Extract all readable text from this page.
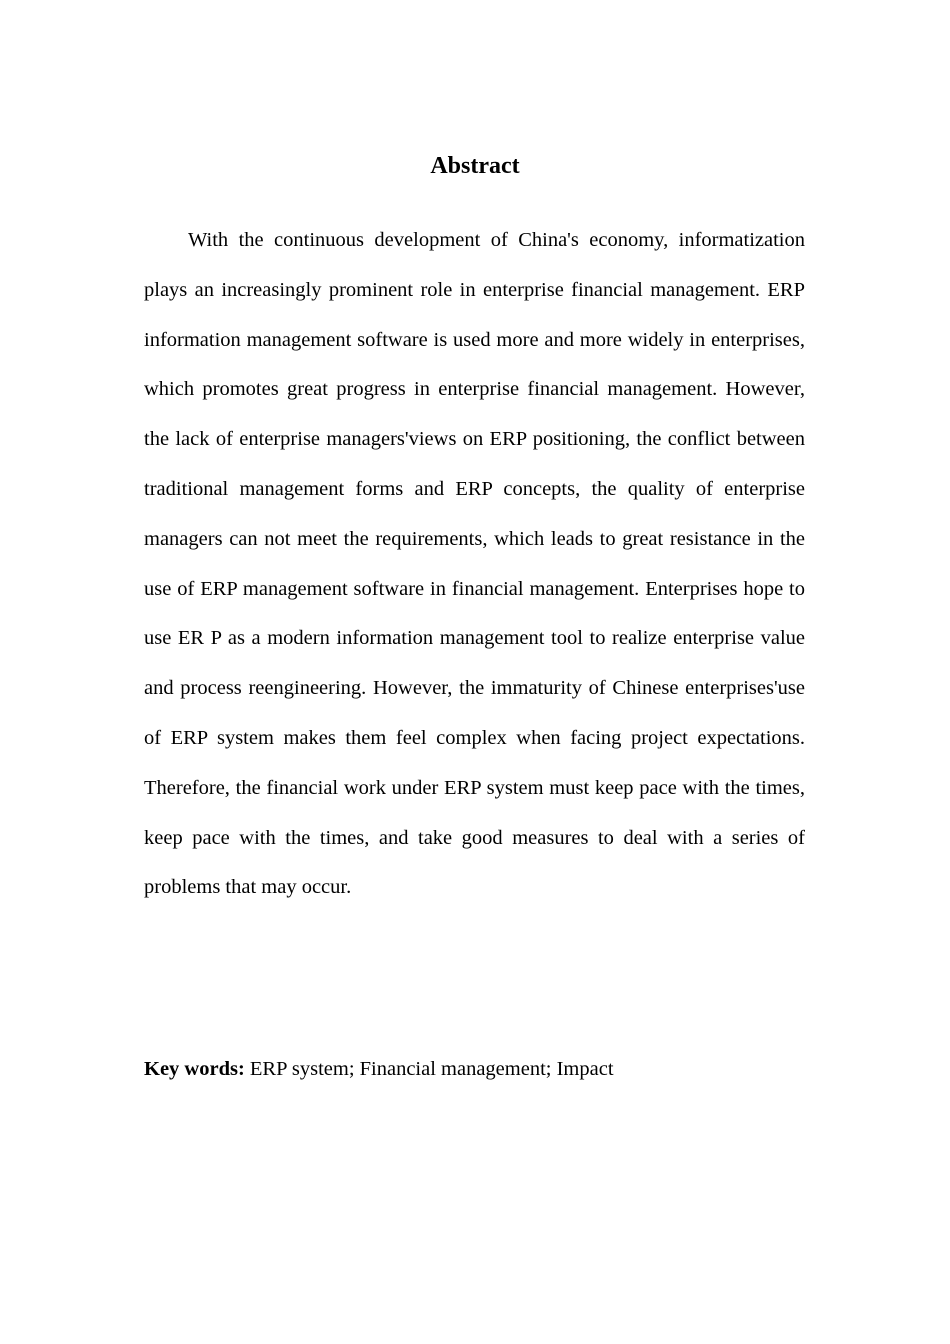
Abstract

With the continuous development of China's economy, informatization plays an increasingly prominent role in enterprise financial management. ERP information management software is used more and more widely in enterprises, which promotes great progress in enterprise financial management. However, the lack of enterprise managers'views on ERP positioning, the conflict between traditional management forms and ERP concepts, the quality of enterprise managers can not meet the requirements, which leads to great resistance in the use of ERP management software in financial management. Enterprises hope to use ER P as a modern information management tool to realize enterprise value and process reengineering. However, the immaturity of Chinese enterprises'use of ERP system makes them feel complex when facing project expectations. Therefore, the financial work under ERP system must keep pace with the times, keep pace with the times, and take good measures to deal with a series of problems that may occur.

Key words: ERP system; Financial management; Impact
